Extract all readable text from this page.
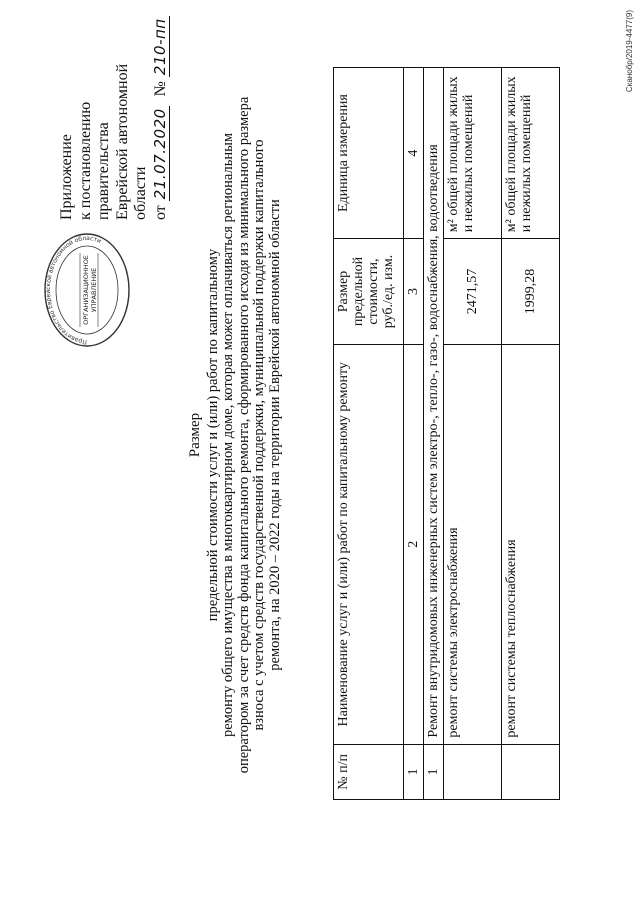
Правительство Еврейской автономной области
ОРГАНИЗАЦИОННОЕ УПРАВЛЕНИЕ
Приложение к постановлению правительства Еврейской автономной области от 21.07.2020 № 210-пп
Размер предельной стоимости услуг и (или) работ по капитальному ремонту общего имущества в многоквартирном доме, которая может оплачиваться региональным оператором за счет средств фонда капитального ремонта, сформированного исходя из минимального размера взноса с учетом средств государственной поддержки, муниципальной поддержки капитального ремонта, на 2020 – 2022 годы на территории Еврейской автономной области
№ п/п	Наименование услуг и (или) работ по капитальному ремонту	Размер предельной стоимости, руб./ед. изм.	Единица измерения
1	2	3	4
1	Ремонт внутридомовых инженерных систем электро-, тепло-, газо-, водоснабжения, водоотведения		
	ремонт системы электроснабжения	2471,57	м² общей площади жилых и нежилых помещений
	ремонт системы теплоснабжения	1999,28	м² общей площади жилых и нежилых помещений
Сканобр/2019-4477(9)
